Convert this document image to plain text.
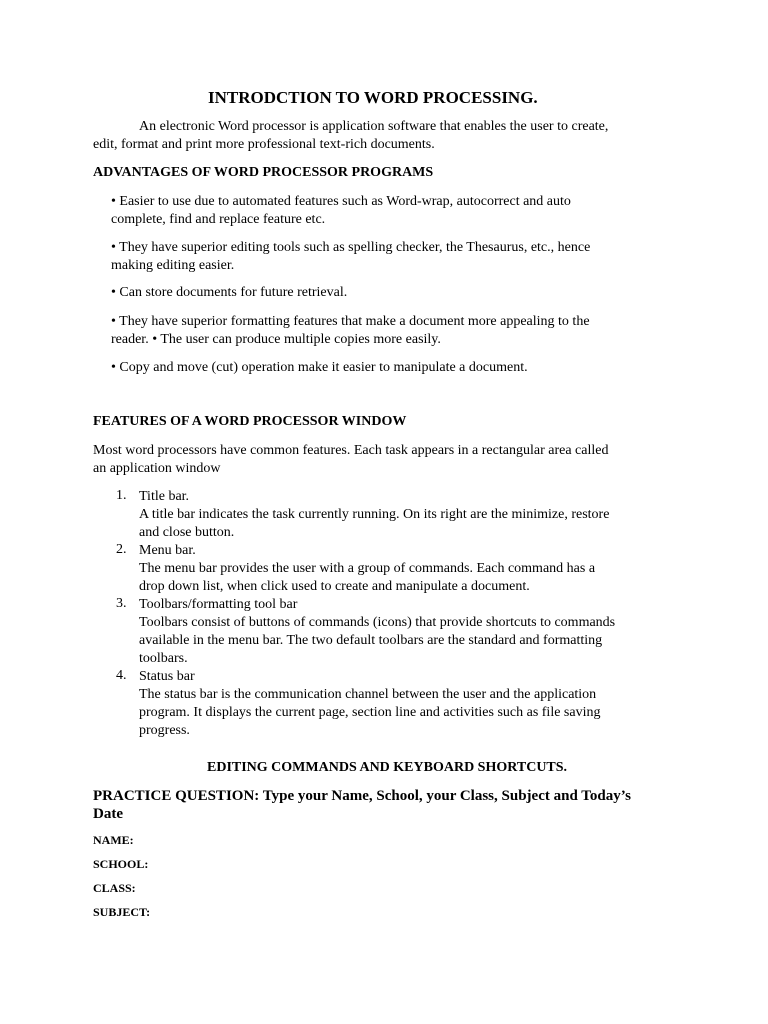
INTRODCTION TO WORD PROCESSING.
An electronic Word processor is application software that enables the user to create,
edit, format and print more professional text-rich documents.
ADVANTAGES OF WORD PROCESSOR PROGRAMS
• Easier to use due to automated features such as Word-wrap, autocorrect and auto
complete, find and replace feature etc.
• They have superior editing tools such as spelling checker, the Thesaurus, etc., hence
making editing easier.
• Can store documents for future retrieval.
• They have superior formatting features that make a document more appealing to the
reader. • The user can produce multiple copies more easily.
• Copy and move (cut) operation make it easier to manipulate a document.
FEATURES OF A WORD PROCESSOR WINDOW
Most word processors have common features. Each task appears in a rectangular area called
an application window
1. Title bar.
A title bar indicates the task currently running. On its right are the minimize, restore
and close button.
2. Menu bar.
The menu bar provides the user with a group of commands. Each command has a
drop down list, when click used to create and manipulate a document.
3. Toolbars/formatting tool bar
Toolbars consist of buttons of commands (icons) that provide shortcuts to commands
available in the menu bar. The two default toolbars are the standard and formatting
toolbars.
4. Status bar
The status bar is the communication channel between the user and the application
program. It displays the current page, section line and activities such as file saving
progress.
EDITING COMMANDS AND KEYBOARD SHORTCUTS.
PRACTICE QUESTION: Type your Name, School, your Class, Subject and Today’s
Date
NAME:
SCHOOL:
CLASS:
SUBJECT:
